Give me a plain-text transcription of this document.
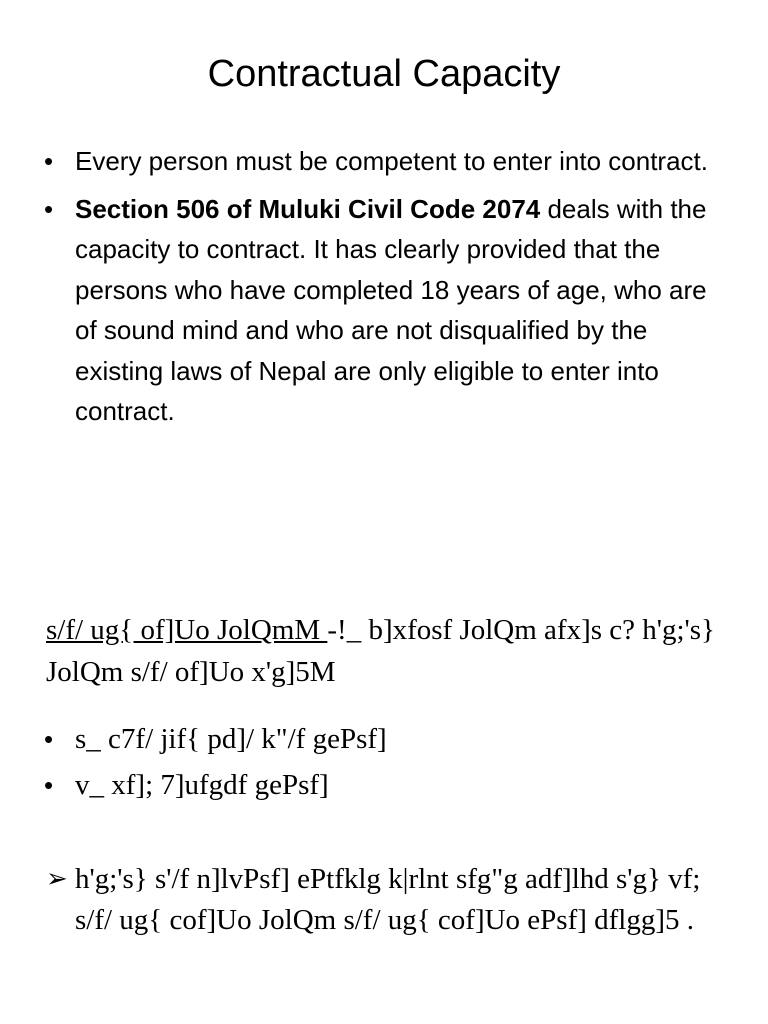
Contractual Capacity
• Every person must be competent to enter into contract.
• Section 506 of Muluki Civil Code 2074 deals with the capacity to contract. It has clearly provided that the persons who have completed 18 years of age, who are of sound mind and who are not disqualified by the existing laws of Nepal are only eligible to enter into contract.
s/f/ ug{ of]Uo JolQmM -!_ b]xfosf JolQm afx]s c? h'g;'s} JolQm s/f/ of]Uo x'g]5M
• s_ c7f/ jif{ pd]/ k"/f gePsf]
• v_ xf]; 7]ufgdf gePsf]
➢ h'g;'s} s'/f n]lvPsf] ePtfklg k|rlnt sfg"g adf]lhd s'g} vf; s/f/ ug{ cof]Uo JolQm s/f/ ug{ cof]Uo ePsf] dflgg]5 .
